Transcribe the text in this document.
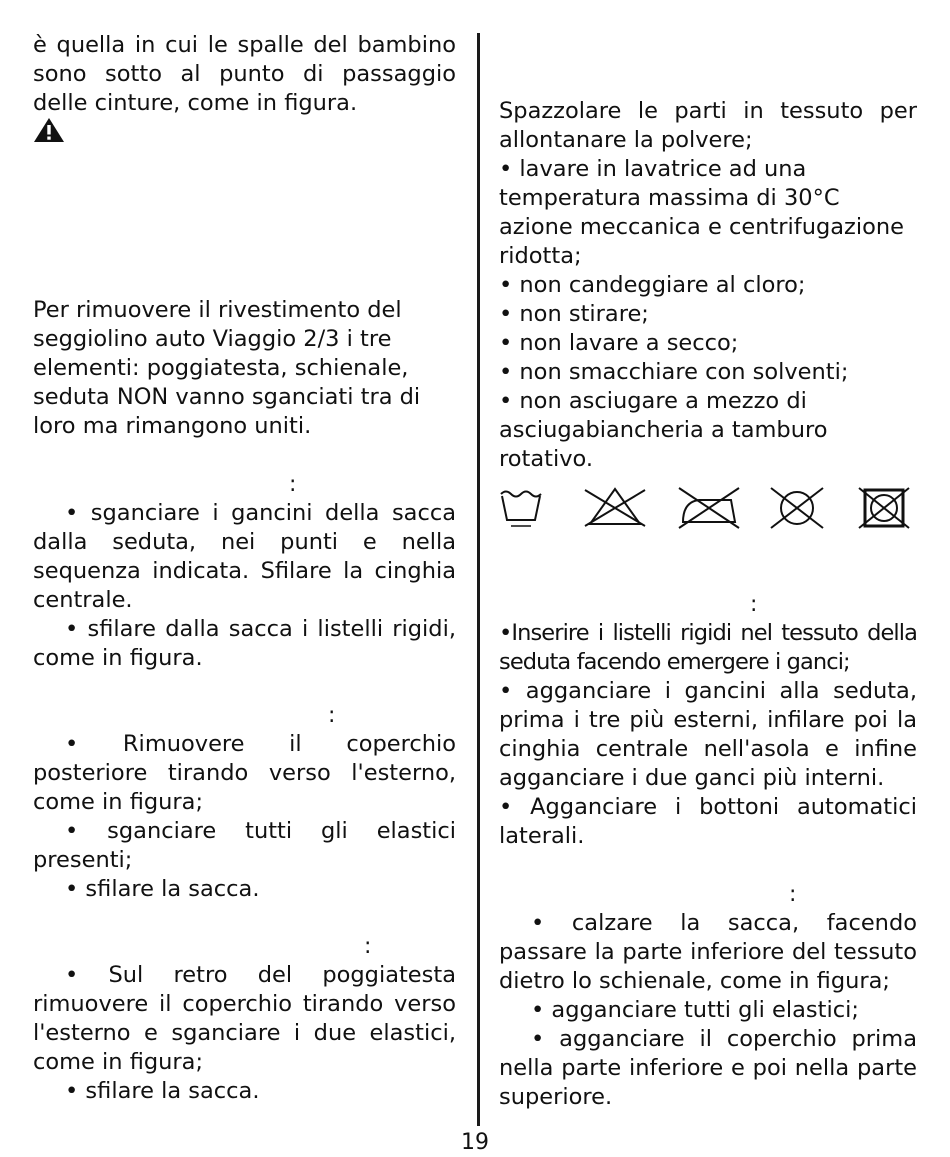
è quella in cui le spalle del bambino sono sotto al punto di passaggio delle cinture, come in figura.

Per rimuovere il rivestimento del
seggiolino auto Viaggio 2/3 i tre
elementi: poggiatesta, schienale,
seduta NON vanno sganciati tra di
loro ma rimangono uniti.

:

• sganciare i gancini della sacca dalla seduta, nei punti e nella sequenza indicata. Sfilare la cinghia centrale.

• sfilare dalla sacca i listelli rigidi, come in figura.

:

• Rimuovere il coperchio posteriore tirando verso l'esterno, come in figura;

• sganciare tutti gli elastici presenti;

• sfilare la sacca.

:

• Sul retro del poggiatesta rimuovere il coperchio tirando verso l'esterno e sganciare i due elastici, come in figura;

• sfilare la sacca.

Spazzolare le parti in tessuto per allontanare la polvere;

• lavare in lavatrice ad una
temperatura massima di 30°C
azione meccanica e centrifugazione
ridotta;
• non candeggiare al cloro;
• non stirare;
• non lavare a secco;
• non smacchiare con solventi;
• non asciugare a mezzo di
asciugabiancheria a tamburo
rotativo.

:

•Inserire i listelli rigidi nel tessuto della seduta facendo emergere i ganci;

• agganciare i gancini alla seduta, prima i tre più esterni, infilare poi la cinghia centrale nell'asola e infine agganciare i due ganci più interni.

• Agganciare i bottoni automatici laterali.

:

• calzare la sacca, facendo passare la parte inferiore del tessuto dietro lo schienale, come in figura;

• agganciare tutti gli elastici;

• agganciare il coperchio prima nella parte inferiore e poi nella parte superiore.

19
